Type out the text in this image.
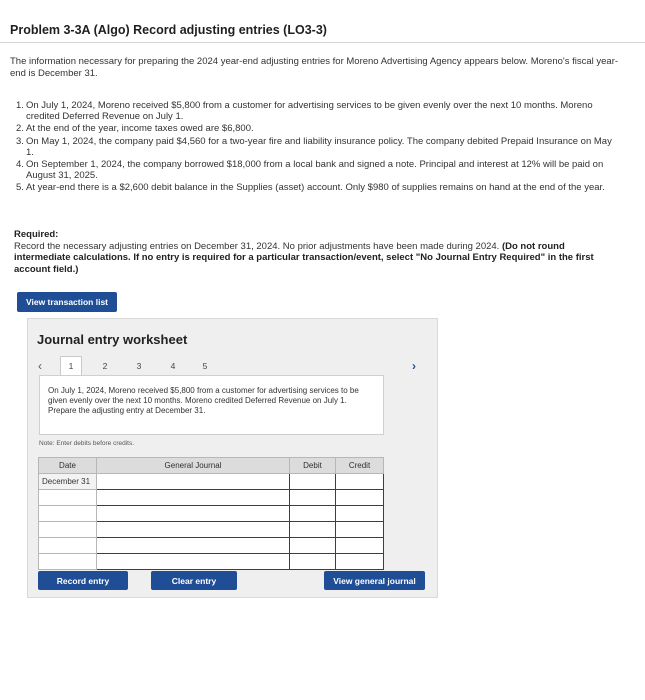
Problem 3-3A (Algo) Record adjusting entries (LO3-3)
The information necessary for preparing the 2024 year-end adjusting entries for Moreno Advertising Agency appears below. Moreno's fiscal year-end is December 31.
1. On July 1, 2024, Moreno received $5,800 from a customer for advertising services to be given evenly over the next 10 months. Moreno credited Deferred Revenue on July 1.
2. At the end of the year, income taxes owed are $6,800.
3. On May 1, 2024, the company paid $4,560 for a two-year fire and liability insurance policy. The company debited Prepaid Insurance on May 1.
4. On September 1, 2024, the company borrowed $18,000 from a local bank and signed a note. Principal and interest at 12% will be paid on August 31, 2025.
5. At year-end there is a $2,600 debit balance in the Supplies (asset) account. Only $980 of supplies remains on hand at the end of the year.
Required:
Record the necessary adjusting entries on December 31, 2024. No prior adjustments have been made during 2024. (Do not round intermediate calculations. If no entry is required for a particular transaction/event, select "No Journal Entry Required" in the first account field.)
View transaction list
Journal entry worksheet
‹	1	2	3	4	5	›
On July 1, 2024, Moreno received $5,800 from a customer for advertising services to be given evenly over the next 10 months. Moreno credited Deferred Revenue on July 1. Prepare the adjusting entry at December 31.
Note: Enter debits before credits.
Date	General Journal	Debit	Credit
December 31			

Record entry	Clear entry	View general journal
